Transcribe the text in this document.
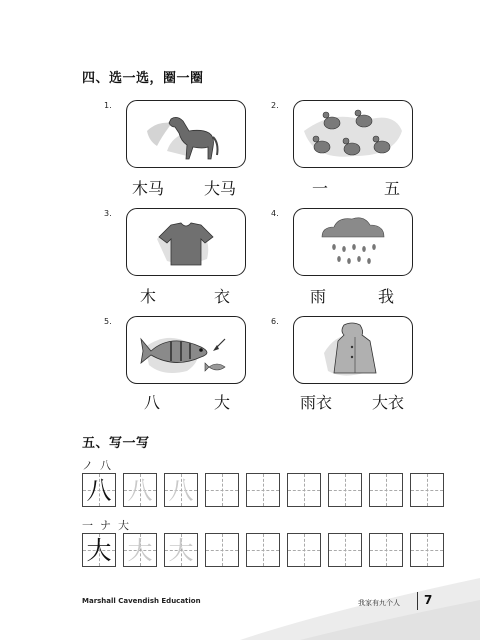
四、选一选，圈一圈
1.
木马 大马
2.
一	五
3.
木	衣
4.
雨	我
5.
八	大
6.
雨衣 大衣
五、写一写
ノ 八
八 八 八
一 ナ 大
大 大 大
Marshall Cavendish Education	我家有九个人 7
